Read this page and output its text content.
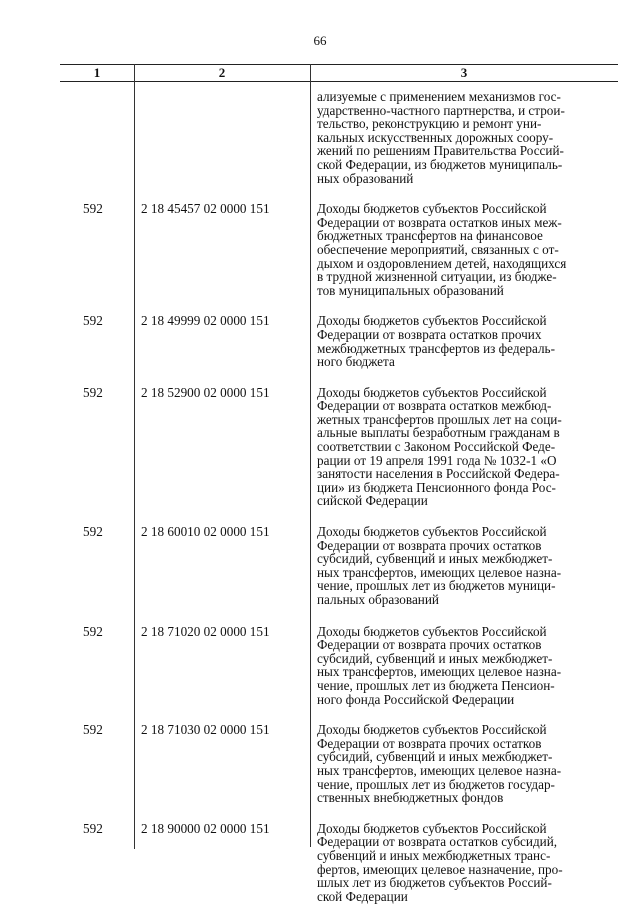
66
1	2	3
ализуемые с применением механизмов гос-
ударственно-частного партнерства, и строи-
тельство, реконструкцию и ремонт уни-
кальных искусственных дорожных соору-
жений по решениям Правительства Россий-
ской Федерации, из бюджетов муниципаль-
ных образований
592	2 18 45457 02 0000 151	Доходы бюджетов субъектов Российской
Федерации от возврата остатков иных меж-
бюджетных трансфертов на финансовое
обеспечение мероприятий, связанных с от-
дыхом и оздоровлением детей, находящихся
в трудной жизненной ситуации, из бюдже-
тов муниципальных образований
592	2 18 49999 02 0000 151	Доходы бюджетов субъектов Российской
Федерации от возврата остатков прочих
межбюджетных трансфертов из федераль-
ного бюджета
592	2 18 52900 02 0000 151	Доходы бюджетов субъектов Российской
Федерации от возврата остатков межбюд-
жетных трансфертов прошлых лет на соци-
альные выплаты безработным гражданам в
соответствии с Законом Российской Феде-
рации от 19 апреля 1991 года № 1032-1 «О
занятости населения в Российской Федера-
ции» из бюджета Пенсионного фонда Рос-
сийской Федерации
592	2 18 60010 02 0000 151	Доходы бюджетов субъектов Российской
Федерации от возврата прочих остатков
субсидий, субвенций и иных межбюджет-
ных трансфертов, имеющих целевое назна-
чение, прошлых лет из бюджетов муници-
пальных образований
592	2 18 71020 02 0000 151	Доходы бюджетов субъектов Российской
Федерации от возврата прочих остатков
субсидий, субвенций и иных межбюджет-
ных трансфертов, имеющих целевое назна-
чение, прошлых лет из бюджета Пенсион-
ного фонда Российской Федерации
592	2 18 71030 02 0000 151	Доходы бюджетов субъектов Российской
Федерации от возврата прочих остатков
субсидий, субвенций и иных межбюджет-
ных трансфертов, имеющих целевое назна-
чение, прошлых лет из бюджетов государ-
ственных внебюджетных фондов
592	2 18 90000 02 0000 151	Доходы бюджетов субъектов Российской
Федерации от возврата остатков субсидий,
субвенций и иных межбюджетных транс-
фертов, имеющих целевое назначение, про-
шлых лет из бюджетов субъектов Россий-
ской Федерации
